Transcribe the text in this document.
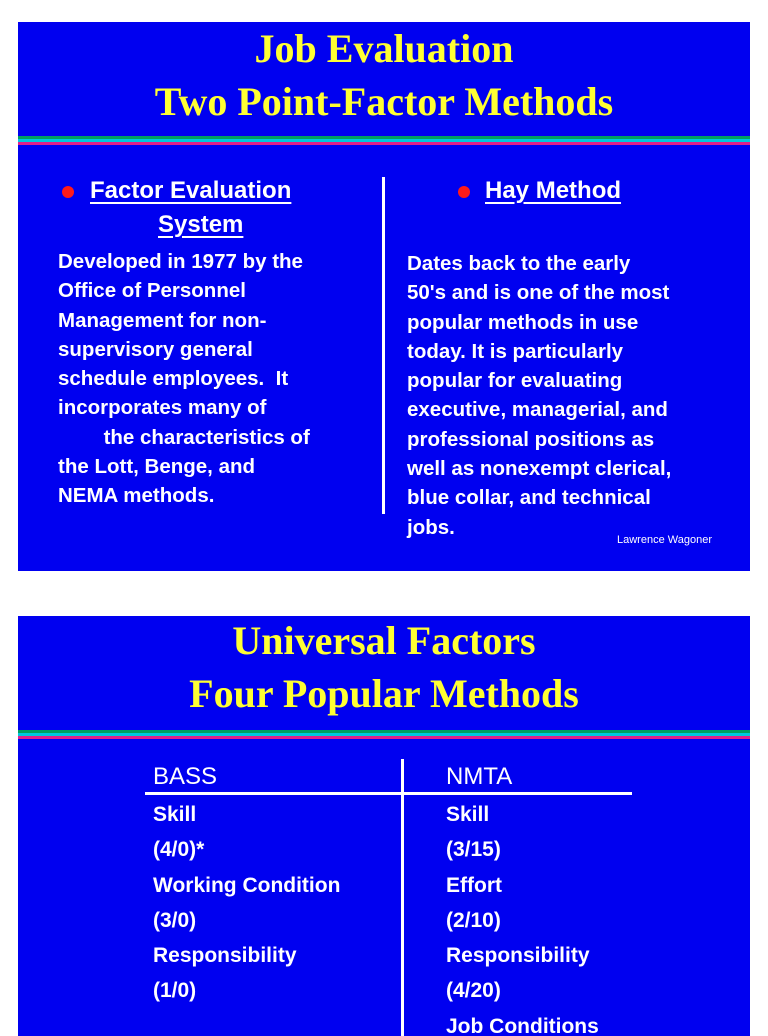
Job Evaluation
Two Point-Factor Methods
Factor Evaluation
System
Developed in 1977 by the
Office of Personnel
Management for non-
supervisory general
schedule employees.  It
incorporates many of
the characteristics of
the Lott, Benge, and
NEMA methods.
Hay Method
Dates back to the early
50's and is one of the most
popular methods in use
today. It is particularly
popular for evaluating
executive, managerial, and
professional positions as
well as nonexempt clerical,
blue collar, and technical
jobs.
Lawrence Wagoner
Universal Factors
Four Popular Methods
BASS	NMTA
Skill
(4/0)*
Working Condition
(3/0)
Responsibility
(1/0)
Skill
(3/15)
Effort
(2/10)
Responsibility
(4/20)
Job Conditions
